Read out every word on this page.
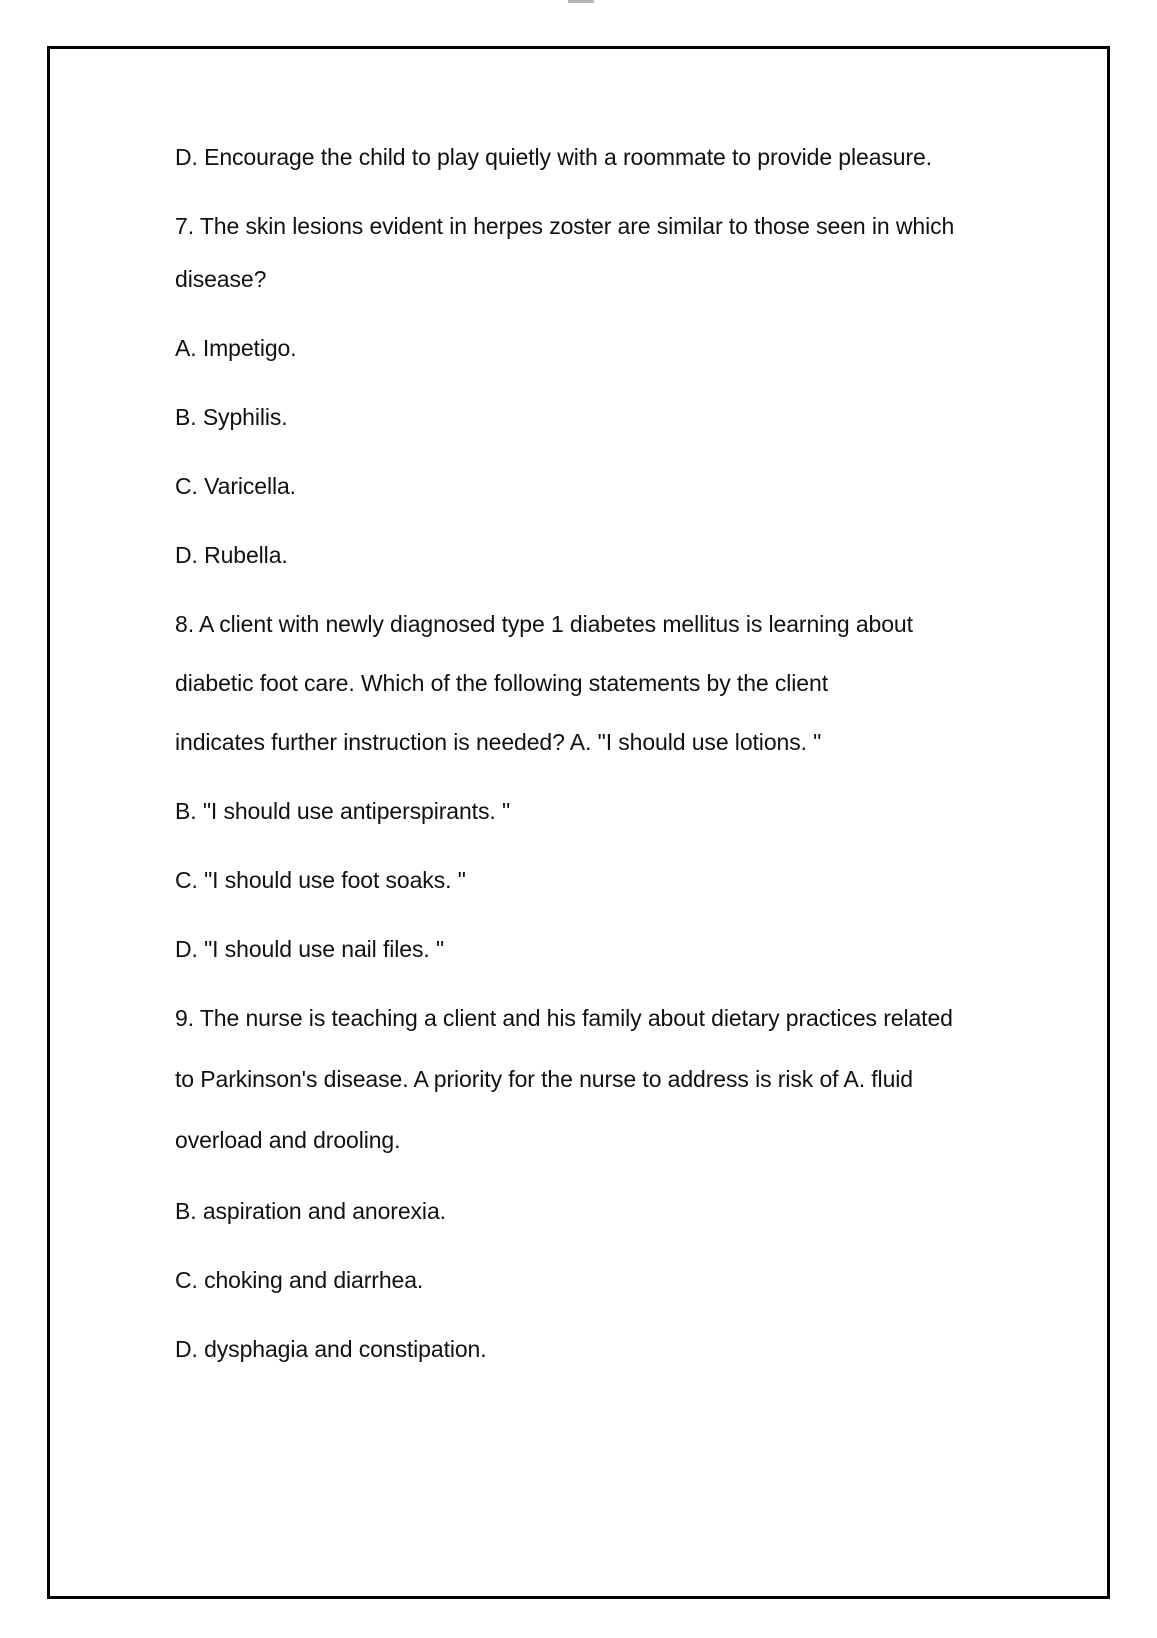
D. Encourage the child to play quietly with a roommate to provide pleasure.
7. The skin lesions evident in herpes zoster are similar to those seen in which
disease?
A. Impetigo.
B. Syphilis.
C. Varicella.
D. Rubella.
8. A client with newly diagnosed type 1 diabetes mellitus is learning about
diabetic foot care. Which of the following statements by the client
indicates further instruction is needed? A. "I should use lotions. "
B. "I should use antiperspirants. "
C. "I should use foot soaks. "
D. "I should use nail files. "
9. The nurse is teaching a client and his family about dietary practices related
to Parkinson's disease. A priority for the nurse to address is risk of A. fluid
overload and drooling.
B. aspiration and anorexia.
C. choking and diarrhea.
D. dysphagia and constipation.
